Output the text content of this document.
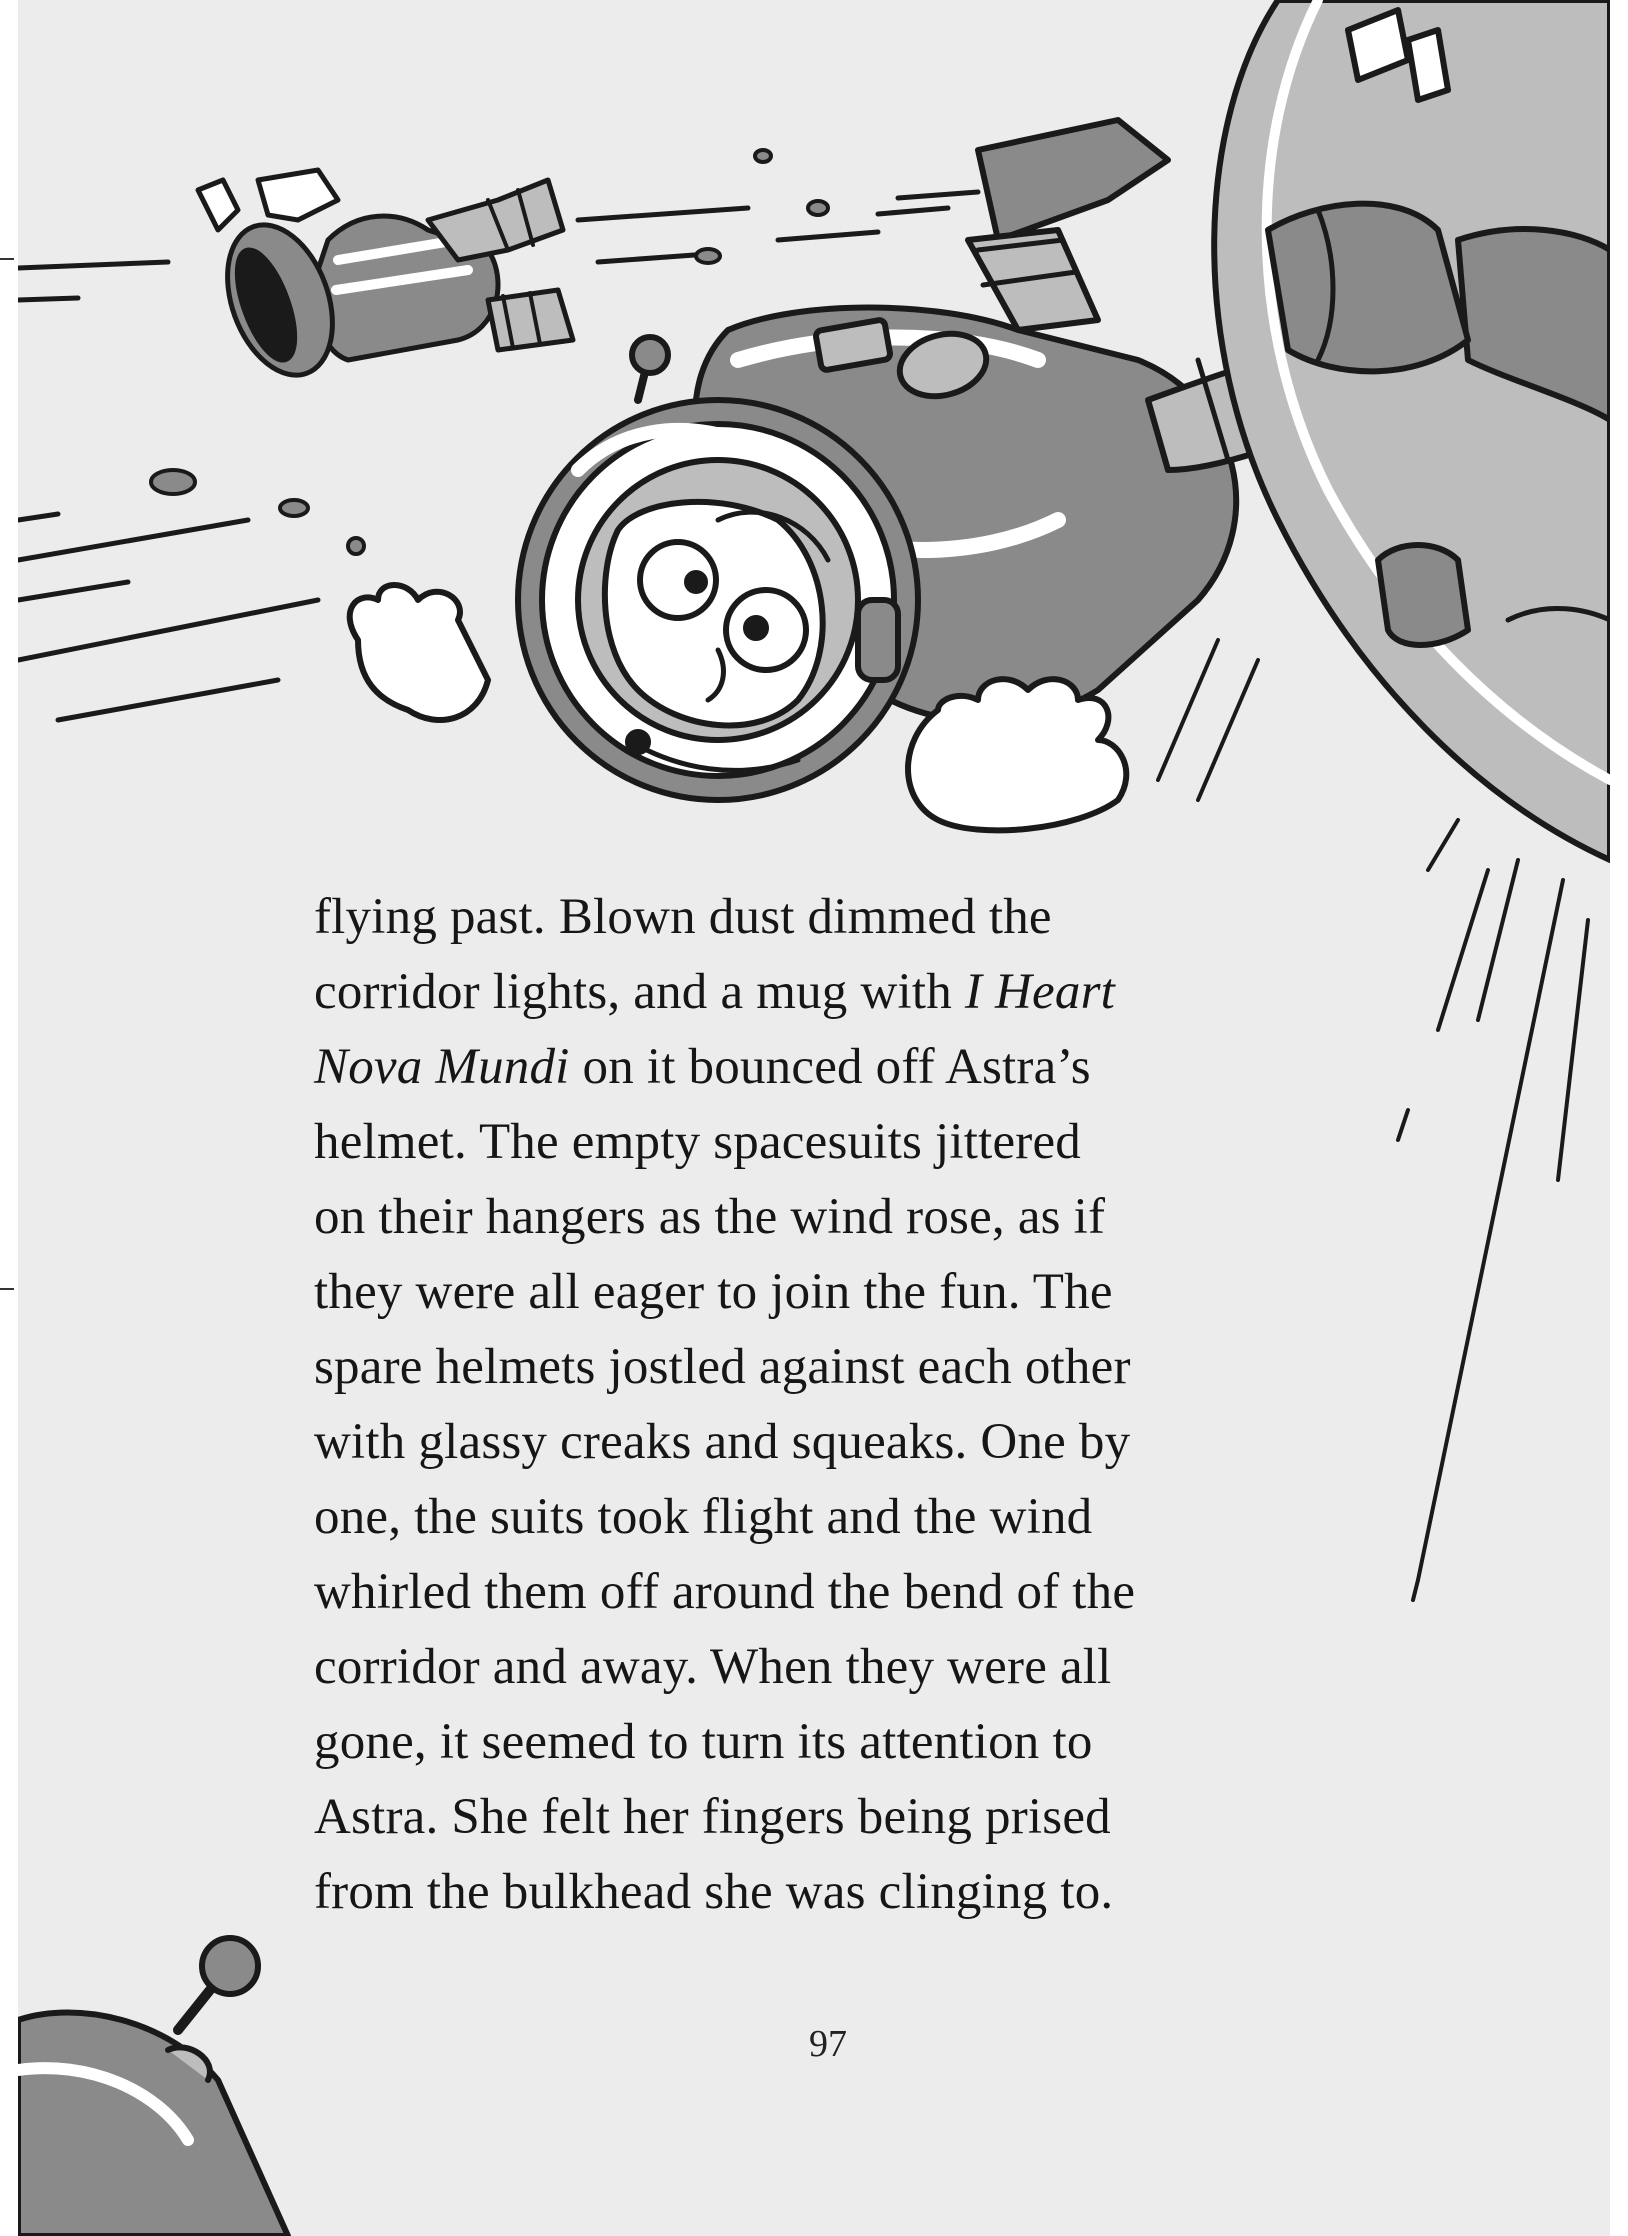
flying past. Blown dust dimmed the
corridor lights, and a mug with I Heart
Nova Mundi on it bounced off Astra’s
helmet. The empty spacesuits jittered
on their hangers as the wind rose, as if
they were all eager to join the fun. The
spare helmets jostled against each other
with glassy creaks and squeaks. One by
one, the suits took flight and the wind
whirled them off around the bend of the
corridor and away. When they were all
gone, it seemed to turn its attention to
Astra. She felt her fingers being prised
from the bulkhead she was clinging to.

97
